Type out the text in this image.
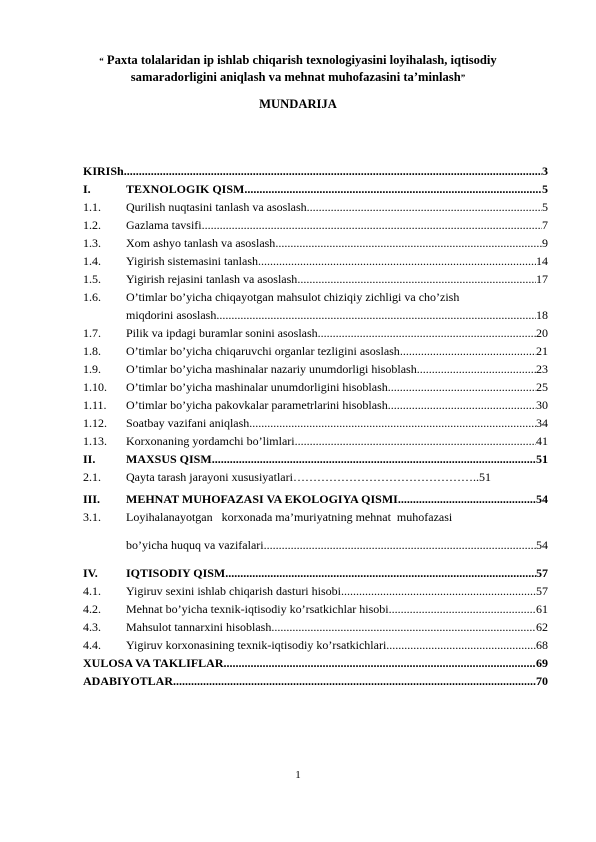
“ Paxta tolalaridan ip ishlab chiqarish texnologiyasini loyihalash, iqtisodiy
samaradorligini aniqlash va mehnat muhofazasini ta’minlash”
MUNDARIJA
KIRISh .....	3
I.	TEXNOLOGIK QISM .....	5
1.1. Qurilish nuqtasini tanlash va asoslash .....	5
1.2. Gazlama tavsifi .....	7
1.3. Xom ashyo tanlash va asoslash .....	9
1.4. Yigirish sistemasini tanlash .....	14
1.5. Yigirish rejasini tanlash va asoslash .....	17
1.6. O’timlar bo’yicha chiqayotgan mahsulot chiziqiy zichligi va cho’zish
miqdorini asoslash .....	18
1.7. Pilik va ipdagi buramlar sonini asoslash .....	20
1.8. O’timlar bo’yicha chiqaruvchi organlar tezligini asoslash .....	21
1.9. O’timlar bo’yicha mashinalar nazariy unumdorligi hisoblash .....	23
1.10. O’timlar bo’yicha mashinalar unumdorligini hisoblash .....	25
1.11. O’timlar bo’yicha pakovkalar parametrlarini hisoblash .....	30
1.12. Soatbay vazifani aniqlash .....	34
1.13. Korxonaning yordamchi bo’limlari .....	41
II.	MAXSUS QISM .....	51
2.1. Qayta tarash jarayoni xususiyatlari ……………………………………….. 51
III. MEHNAT MUHOFAZASI VA EKOLOGIYA QISMI .....	54
3.1. Loyihalanayotgan   korxonada ma’muriyatning mehnat  muhofazasi
bo’yicha huquq va vazifalari .....	54
IV. IQTISODIY QISM .....	57
4.1. Yigiruv sexini ishlab chiqarish dasturi hisobi .....	57
4.2. Mehnat bo’yicha texnik-iqtisodiy ko’rsatkichlar hisobi .....	61
4.3. Mahsulot tannarxini hisoblash .....	62
4.4. Yigiruv korxonasining texnik-iqtisodiy ko’rsatkichlari .....	68
XULOSA VA TAKLIFLAR .....	69
ADABIYOTLAR .....	70
1
